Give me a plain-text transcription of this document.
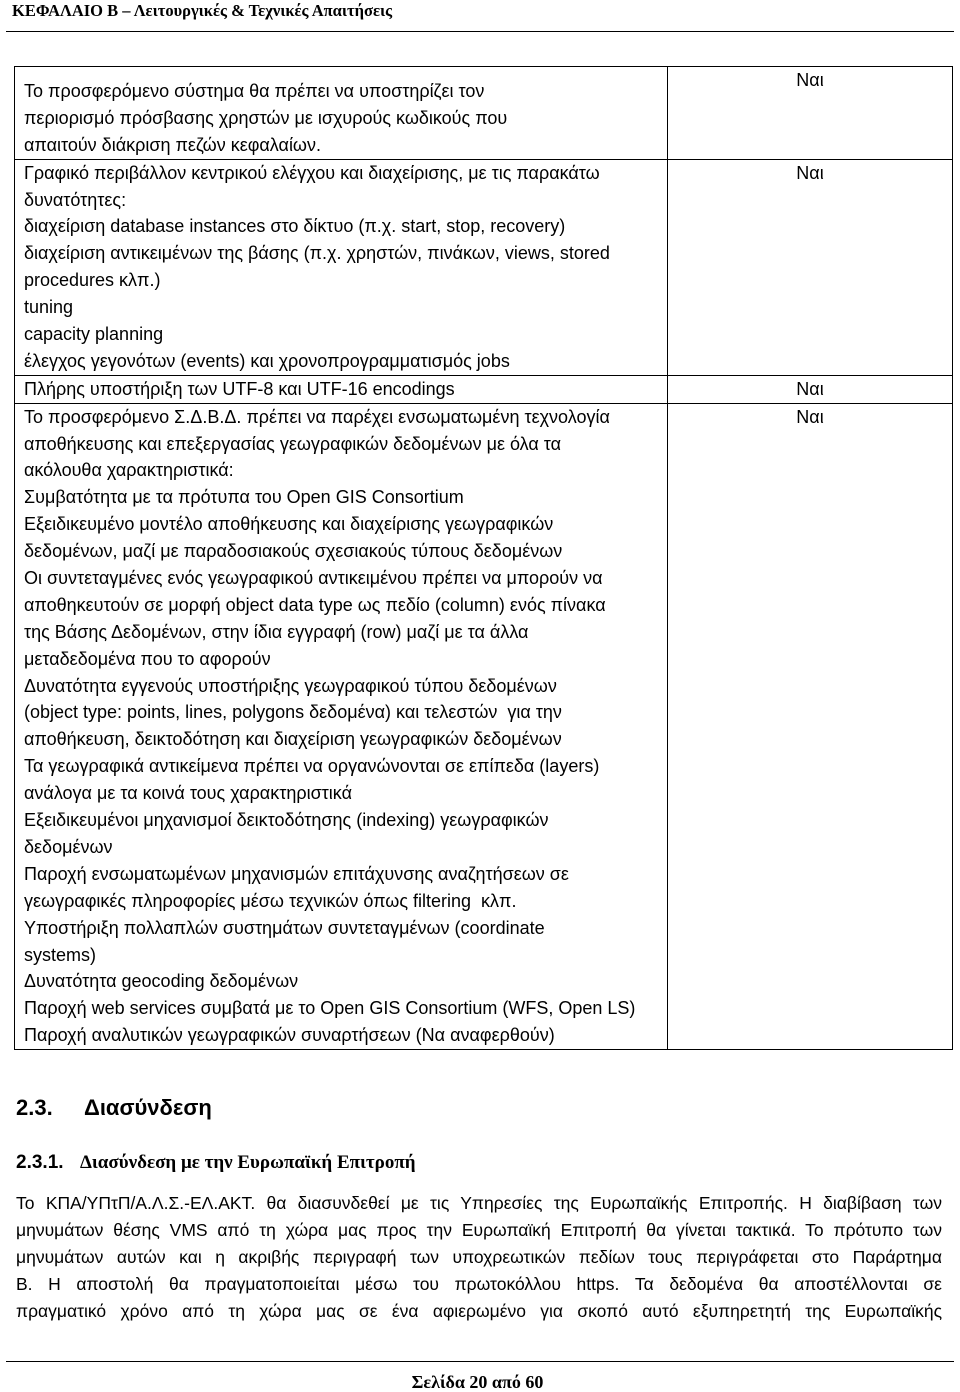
ΚΕΦΑΛΑΙΟ Β – Λειτουργικές & Τεχνικές Απαιτήσεις
Το προσφερόμενο σύστημα θα πρέπει να υποστηρίζει τον
περιορισμό πρόσβασης χρηστών με ισχυρούς κωδικούς που
απαιτούν διάκριση πεζών κεφαλαίων.
Ναι
Γραφικό περιβάλλον κεντρικού ελέγχου και διαχείρισης, με τις παρακάτω
δυνατότητες:
διαχείριση database instances στο δίκτυο (π.χ. start, stop, recovery)
διαχείριση αντικειμένων της βάσης (π.χ. χρηστών, πινάκων, views, stored
procedures κλπ.)
tuning
capacity planning
έλεγχος γεγονότων (events) και χρονοπρογραμματισμός jobs
Ναι
Πλήρης υποστήριξη των UTF-8 και UTF-16 encodings	Ναι
Το προσφερόμενο Σ.Δ.Β.Δ. πρέπει να παρέχει ενσωματωμένη τεχνολογία
αποθήκευσης και επεξεργασίας γεωγραφικών δεδομένων με όλα τα
ακόλουθα χαρακτηριστικά:
Συμβατότητα με τα πρότυπα του Open GIS Consortium
Εξειδικευμένο μοντέλο αποθήκευσης και διαχείρισης γεωγραφικών
δεδομένων, μαζί με παραδοσιακούς σχεσιακούς τύπους δεδομένων
Οι συντεταγμένες ενός γεωγραφικού αντικειμένου πρέπει να μπορούν να
αποθηκευτούν σε μορφή object data type ως πεδίο (column) ενός πίνακα
της Βάσης Δεδομένων, στην ίδια εγγραφή (row) μαζί με τα άλλα
μεταδεδομένα που το αφορούν
Δυνατότητα εγγενούς υποστήριξης γεωγραφικού τύπου δεδομένων
(object type: points, lines, polygons δεδομένα) και τελεστών  για την
αποθήκευση, δεικτοδότηση και διαχείριση γεωγραφικών δεδομένων
Τα γεωγραφικά αντικείμενα πρέπει να οργανώνονται σε επίπεδα (layers)
ανάλογα με τα κοινά τους χαρακτηριστικά
Εξειδικευμένοι μηχανισμοί δεικτοδότησης (indexing) γεωγραφικών
δεδομένων
Παροχή ενσωματωμένων μηχανισμών επιτάχυνσης αναζητήσεων σε
γεωγραφικές πληροφορίες μέσω τεχνικών όπως filtering  κλπ.
Υποστήριξη πολλαπλών συστημάτων συντεταγμένων (coordinate
systems)
Δυνατότητα geocoding δεδομένων
Παροχή web services συμβατά με το Open GIS Consortium (WFS, Open LS)
Παροχή αναλυτικών γεωγραφικών συναρτήσεων (Να αναφερθούν)
Ναι
2.3. Διασύνδεση
2.3.1. Διασύνδεση με την Ευρωπαϊκή Επιτροπή
Το ΚΠΑ/ΥΠτΠ/Α.Λ.Σ.-ΕΛ.ΑΚΤ. θα διασυνδεθεί με τις Υπηρεσίες της Ευρωπαϊκής Επιτροπής. Η διαβίβαση των
μηνυμάτων θέσης VMS από τη χώρα μας προς την Ευρωπαϊκή Επιτροπή θα γίνεται τακτικά. Το πρότυπο των
μηνυμάτων αυτών και η ακριβής περιγραφή των υποχρεωτικών πεδίων τους περιγράφεται στο Παράρτημα
Β. Η αποστολή θα πραγματοποιείται μέσω του πρωτοκόλλου https. Τα δεδομένα θα αποστέλλονται σε
πραγματικό χρόνο από τη χώρα μας σε ένα αφιερωμένο για σκοπό αυτό εξυπηρετητή της Ευρωπαϊκής
Σελίδα 20 από 60
